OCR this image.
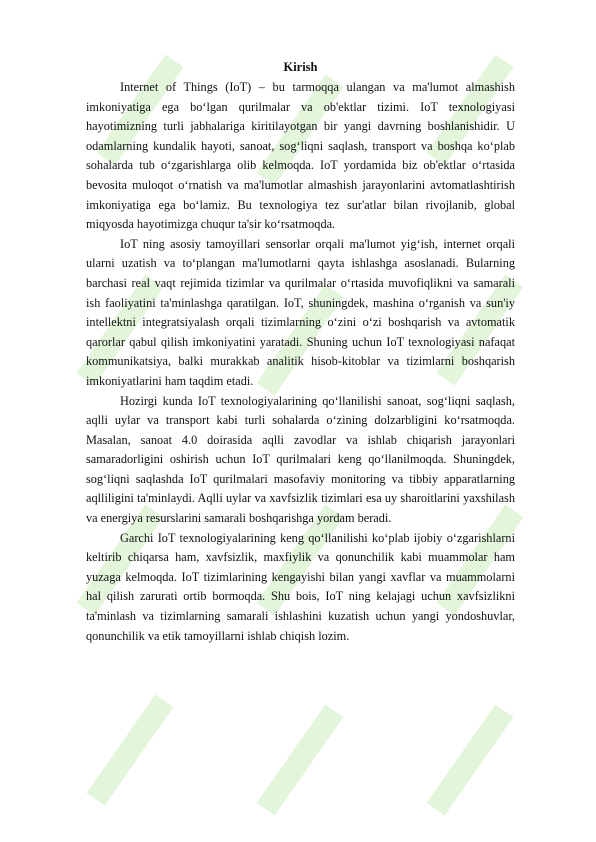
Kirish

Internet of Things (IoT) – bu tarmoqqa ulangan va ma'lumot almashish imkoniyatiga ega bo‘lgan qurilmalar va ob'ektlar tizimi. IoT texnologiyasi hayotimizning turli jabhalariga kiritilayotgan bir yangi davrning boshlanishidir. U odamlarning kundalik hayoti, sanoat, sog‘liqni saqlash, transport va boshqa ko‘plab sohalarda tub o‘zgarishlarga olib kelmoqda. IoT yordamida biz ob'ektlar o‘rtasida bevosita muloqot o‘rnatish va ma'lumotlar almashish jarayonlarini avtomatlashtirish imkoniyatiga ega bo‘lamiz. Bu texnologiya tez sur'atlar bilan rivojlanib, global miqyosda hayotimizga chuqur ta'sir ko‘rsatmoqda.

IoT ning asosiy tamoyillari sensorlar orqali ma'lumot yig‘ish, internet orqali ularni uzatish va to‘plangan ma'lumotlarni qayta ishlashga asoslanadi. Bularning barchasi real vaqt rejimida tizimlar va qurilmalar o‘rtasida muvofiqlikni va samarali ish faoliyatini ta'minlashga qaratilgan. IoT, shuningdek, mashina o‘rganish va sun'iy intellektni integratsiyalash orqali tizimlarning o‘zini o‘zi boshqarish va avtomatik qarorlar qabul qilish imkoniyatini yaratadi. Shuning uchun IoT texnologiyasi nafaqat kommunikatsiya, balki murakkab analitik hisob-kitoblar va tizimlarni boshqarish imkoniyatlarini ham taqdim etadi.

Hozirgi kunda IoT texnologiyalarining qo‘llanilishi sanoat, sog‘liqni saqlash, aqlli uylar va transport kabi turli sohalarda o‘zining dolzarbligini ko‘rsatmoqda. Masalan, sanoat 4.0 doirasida aqlli zavodlar va ishlab chiqarish jarayonlari samaradorligini oshirish uchun IoT qurilmalari keng qo‘llanilmoqda. Shuningdek, sog‘liqni saqlashda IoT qurilmalari masofaviy monitoring va tibbiy apparatlarning aqlliligini ta'minlaydi. Aqlli uylar va xavfsizlik tizimlari esa uy sharoitlarini yaxshilash va energiya resurslarini samarali boshqarishga yordam beradi.

Garchi IoT texnologiyalarining keng qo‘llanilishi ko‘plab ijobiy o‘zgarishlarni keltirib chiqarsa ham, xavfsizlik, maxfiylik va qonunchilik kabi muammolar ham yuzaga kelmoqda. IoT tizimlarining kengayishi bilan yangi xavflar va muammolarni hal qilish zarurati ortib bormoqda. Shu bois, IoT ning kelajagi uchun xavfsizlikni ta'minlash va tizimlarning samarali ishlashini kuzatish uchun yangi yondoshuvlar, qonunchilik va etik tamoyillarni ishlab chiqish lozim.
